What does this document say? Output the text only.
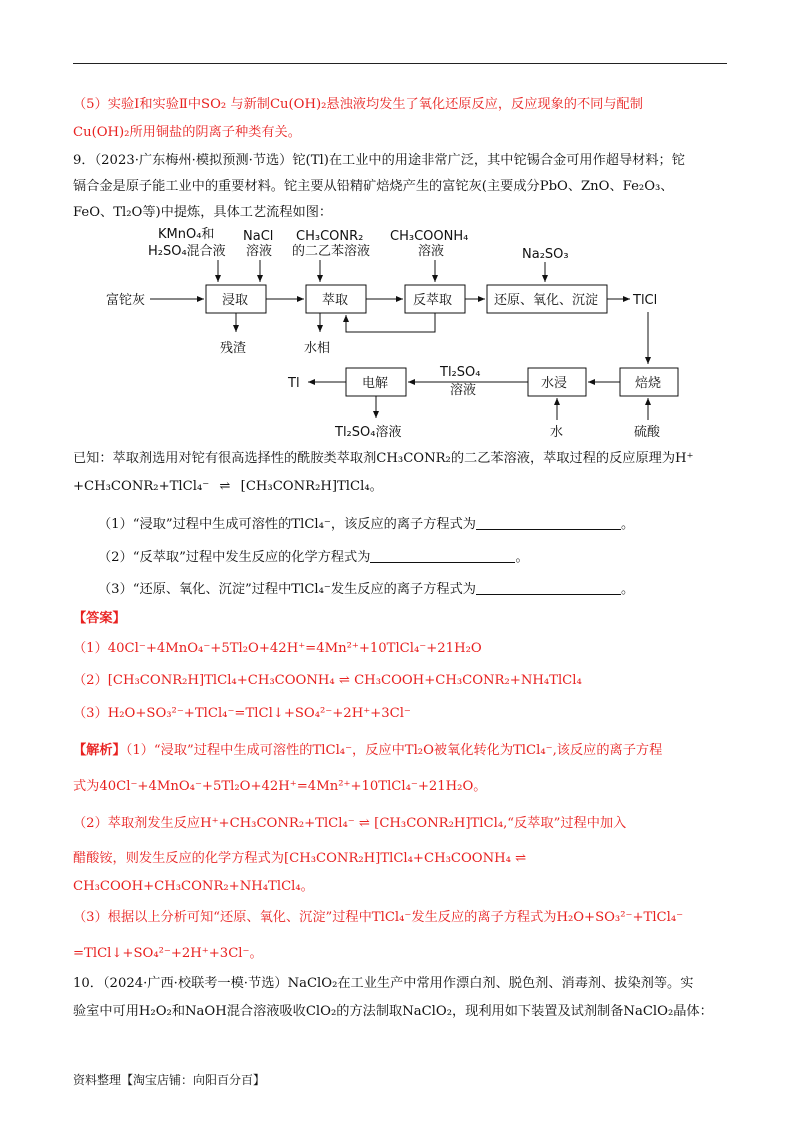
（5）实验Ⅰ和实验Ⅱ中SO₂ 与新制Cu(OH)₂悬浊液均发生了氧化还原反应，反应现象的不同与配制
Cu(OH)₂所用铜盐的阴离子种类有关。
9．（2023·广东梅州·模拟预测·节选）铊(Tl)在工业中的用途非常广泛，其中铊锡合金可用作超导材料；铊
镉合金是原子能工业中的重要材料。铊主要从铅精矿焙烧产生的富铊灰(主要成分PbO、ZnO、Fe₂O₃、
FeO、Tl₂O等)中提炼，具体工艺流程如图：
KMnO₄和
H₂SO₄混合液
NaCl
溶液
CH₃CONR₂
的二乙苯溶液
CH₃COONH₄
溶液	Na₂SO₃
富铊灰	浸取	萃取	反萃取	还原、氧化、沉淀	TlCl
残渣	水相
焙烧
硫酸
水浸
水
Tl₂SO₄
溶液
电解
Tl
Tl₂SO₄溶液
已知：萃取剂选用对铊有很高选择性的酰胺类萃取剂CH₃CONR₂的二乙苯溶液，萃取过程的反应原理为H⁺
+CH₃CONR₂+TlCl₄⁻ ⇌ [CH₃CONR₂H]TlCl₄。
（1）“浸取”过程中生成可溶性的TlCl₄⁻，该反应的离子方程式为	。
（2）“反萃取”过程中发生反应的化学方程式为	。
（3）“还原、氧化、沉淀”过程中TlCl₄⁻发生反应的离子方程式为	。
【答案】
（1）40Cl⁻+4MnO₄⁻+5Tl₂O+42H⁺=4Mn²⁺+10TlCl₄⁻+21H₂O
（2）[CH₃CONR₂H]TlCl₄+CH₃COONH₄ ⇌ CH₃COOH+CH₃CONR₂+NH₄TlCl₄
（3）H₂O+SO₃²⁻+TlCl₄⁻=TlCl↓+SO₄²⁻+2H⁺+3Cl⁻
【解析】（1）“浸取”过程中生成可溶性的TlCl₄⁻，反应中Tl₂O被氧化转化为TlCl₄⁻,该反应的离子方程
式为40Cl⁻+4MnO₄⁻+5Tl₂O+42H⁺=4Mn²⁺+10TlCl₄⁻+21H₂O。
（2）萃取剂发生反应H⁺+CH₃CONR₂+TlCl₄⁻ ⇌ [CH₃CONR₂H]TlCl₄,“反萃取”过程中加入
醋酸铵，则发生反应的化学方程式为[CH₃CONR₂H]TlCl₄+CH₃COONH₄ ⇌
CH₃COOH+CH₃CONR₂+NH₄TlCl₄。
（3）根据以上分析可知“还原、氧化、沉淀”过程中TlCl₄⁻发生反应的离子方程式为H₂O+SO₃²⁻+TlCl₄⁻
=TlCl↓+SO₄²⁻+2H⁺+3Cl⁻。
10．（2024·广西·校联考一模·节选）NaClO₂在工业生产中常用作漂白剂、脱色剂、消毒剂、拔染剂等。实
验室中可用H₂O₂和NaOH混合溶液吸收ClO₂的方法制取NaClO₂，现利用如下装置及试剂制备NaClO₂晶体：
资料整理【淘宝店铺：向阳百分百】
